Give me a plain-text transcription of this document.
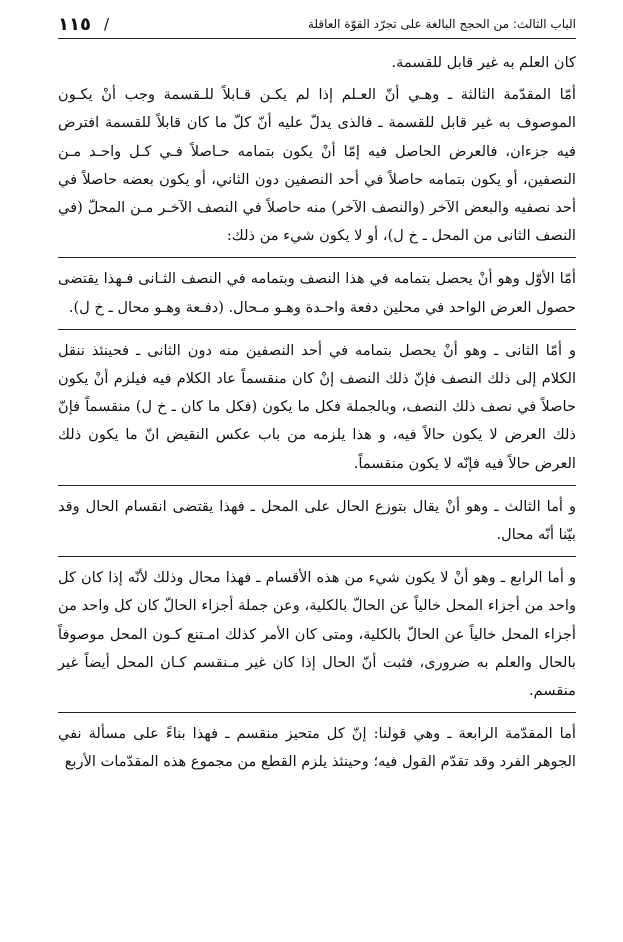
١١٥ /	الباب الثالث: من الحجج البالغة على تجرّد القوّة العاقلة

كان العلم به غير قابل للقسمة.

أمّا المقدّمة الثالثة ـ وهـي أنّ العـلم إذا لم يكـن قـابلاً للـقسمة وجب أنْ يكـون الموصوف به غير قابل للقسمة ـ فالذى يدلّ عليه أنّ كلّ ما كان قابلاً للقسمة افترض فيه جزءان، فالعرض الحاصل فيه إمّا أنْ يكون بتمامه حـاصلاً فـي كـل واحـد مـن النصفين، أو يكون بتمامه حاصلاً في أحد النصفين دون الثاني، أو يكون بعضه حاصلاً في أحد نصفيه والبعض الآخر (والنصف الآخر) منه حاصلاً في النصف الآخـر مـن المحلّ (في النصف الثانى من المحل ـ خ ل)، أو لا يكون شيء من ذلك:

أمّا الأوّل وهو أنْ يحصل بتمامه في هذا النصف وبتمامه في النصف الثـانى فـهذا يقتضى حصول العرض الواحد في محلين دفعة واحـدة وهـو مـحال. (دفـعة وهـو محال ـ خ ل).

و أمّا الثانى ـ وهو أنْ يحصل بتمامه في أحد النصفين منه دون الثانى ـ فحينئذ ننقل الكلام إلى ذلك النصف فإنّ ذلك النصف إنْ كان منقسماً عاد الكلام فيه فيلزم أنْ يكون حاصلاً في نصف ذلك النصف، وبالجملة فكل ما يكون (فكل ما كان ـ خ ل) منقسماً فإنّ ذلك العرض لا يكون حالاً فيه، و هذا يلزمه من باب عكس النقيض انّ ما يكون ذلك العرض حالاً فيه فإنّه لا يكون منقسماً.

و أما الثالث ـ وهو أنْ يقال بتوزع الحال على المحل ـ فهذا يقتضى انقسام الحال وقد بيّنا أنّه محال.

و أما الرابع ـ وهو أنْ لا يكون شيء من هذه الأقسام ـ فهذا محال وذلك لأنّه إذا كان كل واحد من أجزاء المحل خالياً عن الحالّ بالكلية، وعن جملة أجزاء الحالّ كان كل واحد من أجزاء المحل خالياً عن الحالّ بالكلية، ومتى كان الأمر كذلك امـتنع كـون المحل موصوفاً بالحال والعلم به ضرورى، فثبت أنّ الحال إذا كان غير مـنقسم كـان المحل أيضاً غير منقسم.

أما المقدّمة الرابعة ـ وهي قولنا: إنّ كل متحيز منقسم ـ فهذا بناءً على مسألة نفي الجوهر الفرد وقد تقدّم القول فيه؛ وحينئذ يلزم القطع من مجموع هذه المقدّمات الأربع
